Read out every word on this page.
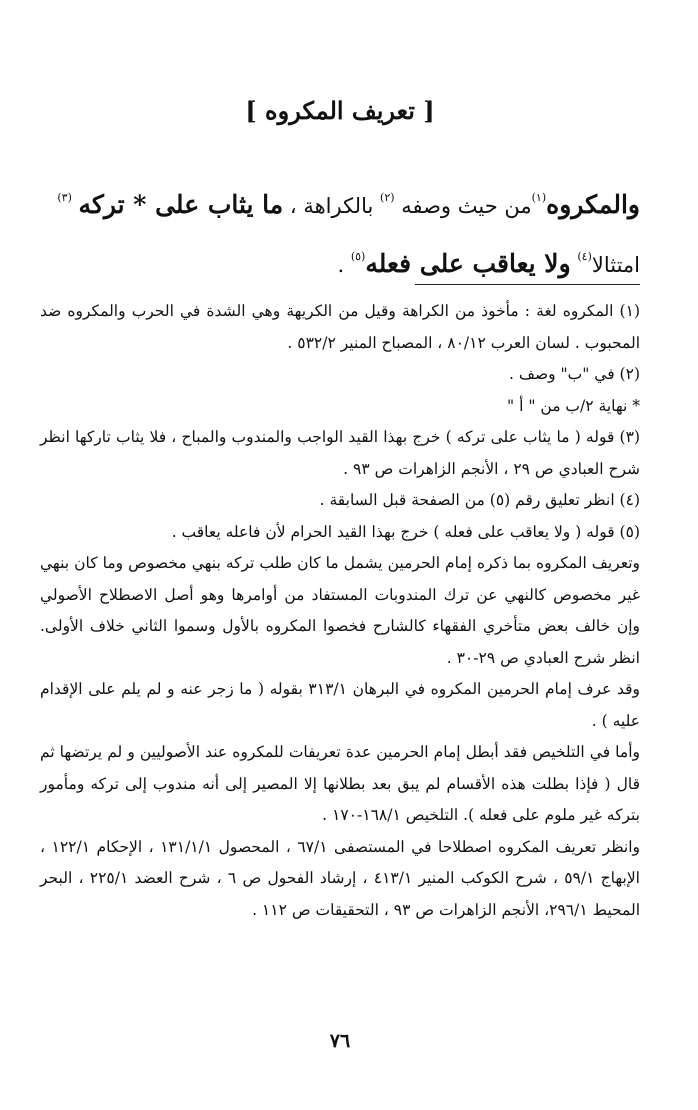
[ تعريف المكروه ]
والمكروه$^{(١)}$من حيث وصفه $^{(٢)}$ بالكراهة ، ما يثاب على * تركه $^{(٣)}$
امتثالا$^{(٤)}$ ولا يعاقب على فعله$^{(٥)}$ .

(١) المكروه لغة : مأخوذ من الكراهة وقيل من الكريهة وهي الشدة في الحرب والمكروه ضد المحبوب . لسان العرب ٨٠/١٢ ، المصباح المنير ٥٣٢/٢ .

(٢) في "ب" وصف .

* نهاية ٢/ب من " أ "

(٣) قوله ( ما يثاب على تركه ) خرج بهذا القيد الواجب والمندوب والمباح ، فلا يثاب تاركها انظر شرح العبادي ص ٢٩ ، الأنجم الزاهرات ص ٩٣ .

(٤) انظر تعليق رقم (٥) من الصفحة قبل السابقة .

(٥) قوله ( ولا يعاقب على فعله ) خرج بهذا القيد الحرام لأن فاعله يعاقب .

وتعريف المكروه بما ذكره إمام الحرمين يشمل ما كان طلب تركه بنهي مخصوص وما كان بنهي غير مخصوص كالنهي عن ترك المندوبات المستفاد من أوامرها وهو أصل الاصطلاح الأصولي وإن خالف بعض متأخري الفقهاء كالشارح فخصوا المكروه بالأول وسموا الثاني خلاف الأولى. انظر شرح العبادي ص ٢٩-٣٠ .

وقد عرف إمام الحرمين المكروه في البرهان ٣١٣/١ بقوله ( ما زجر عنه و لم يلم على الإقدام عليه ) .

وأما في التلخيص فقد أبطل إمام الحرمين عدة تعريفات للمكروه عند الأصوليين و لم يرتضها ثم قال ( فإذا بطلت هذه الأقسام لم يبق بعد بطلانها إلا المصير إلى أنه مندوب إلى تركه ومأمور بتركه غير ملوم على فعله ). التلخيص ١٦٨/١-١٧٠ .

وانظر تعريف المكروه اصطلاحا في المستصفى ٦٧/١ ، المحصول ١٣١/١/١ ، الإحكام ١٢٢/١ ، الإبهاج ٥٩/١ ، شرح الكوكب المنير ٤١٣/١ ، إرشاد الفحول ص ٦ ، شرح العضد ٢٢٥/١ ، البحر المحيط ٢٩٦/١، الأنجم الزاهرات ص ٩٣ ، التحقيقات ص ١١٢ .

٧٦
